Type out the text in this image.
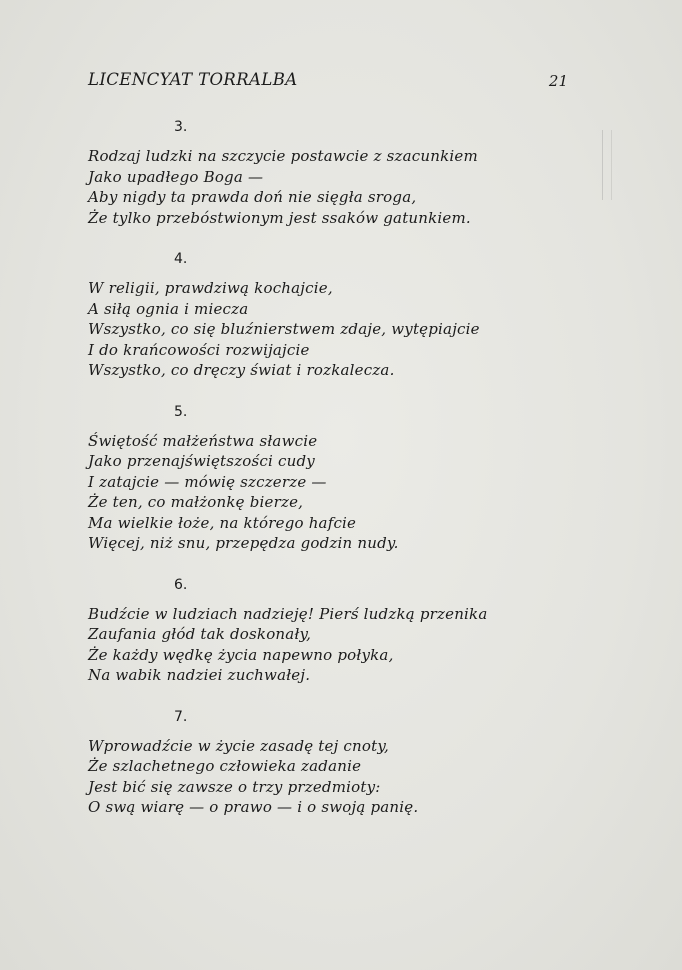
LICENCYAT TORRALBA	21
3.
Rodzaj ludzki na szczycie postawcie z szacunkiem
Jako upadłego Boga —
Aby nigdy ta prawda doń nie sięgła sroga,
Że tylko przebóstwionym jest ssaków gatunkiem.
4.
W religii, prawdziwą kochajcie,
A siłą ognia i miecza
Wszystko, co się bluźnierstwem zdaje, wytępiajcie
I do krańcowości rozwijajcie
Wszystko, co dręczy świat i rozkalecza.
5.
Świętość małżeństwa sławcie
Jako przenajświętszości cudy
I zatajcie — mówię szczerze —
Że ten, co małżonkę bierze,
Ma wielkie łoże, na którego hafcie
Więcej, niż snu, przepędza godzin nudy.
6.
Budźcie w ludziach nadzieję! Pierś ludzką przenika
Zaufania głód tak doskonały,
Że każdy wędkę życia napewno połyka,
Na wabik nadziei zuchwałej.
7.
Wprowadźcie w życie zasadę tej cnoty,
Że szlachetnego człowieka zadanie
Jest bić się zawsze o trzy przedmioty:
O swą wiarę — o prawo — i o swoją panię.
